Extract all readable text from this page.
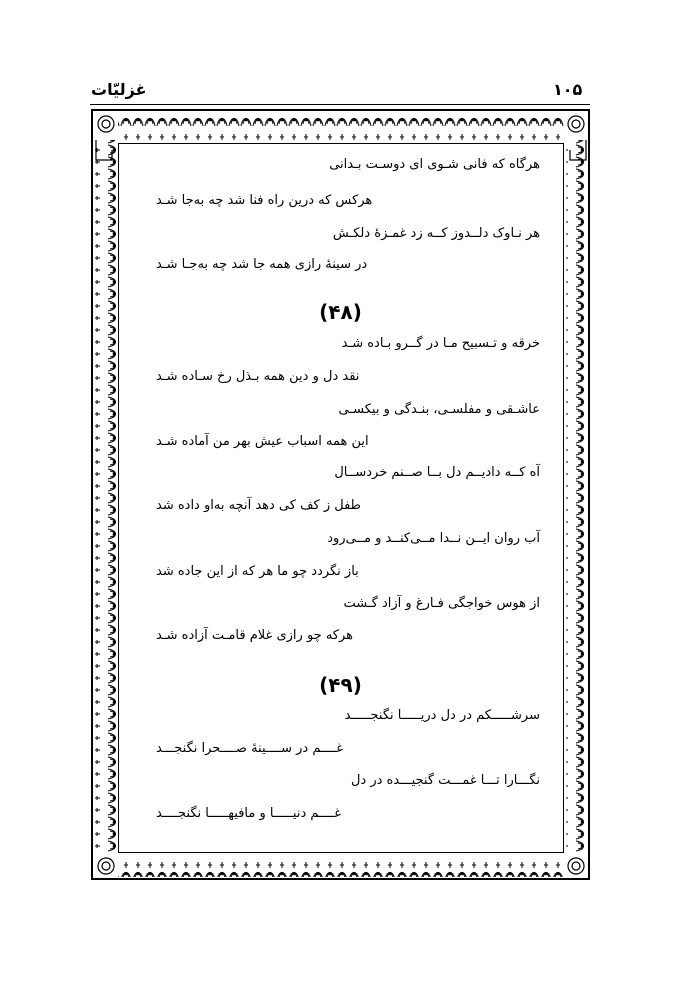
۱۰۵
غزلیّات
هرگاه که فانی شـوی ای دوسـت بـدانی
هرکس که درین راه فنا شد چه به‌جا شـد
هر نـاوک دلــدوز کــه زد غمـزهٔ دلکـش
در سینهٔ رازی همه جا شد چه به‌جـا شـد
(۴۸)
خرقه و تـسبیح مـا در گــرو بـاده شـد
نقد دل و دین همه بـذل رخ سـاده شـد
عاشـقی و مفلسـی، بنـدگی و بیکسـی
این همه اسباب عیش بهر من آماده شـد
آه کــه دادیــم دل بــا صــنم خردســال
طفل ز کف کی دهد آنچه به‌او داده شد
آب روان ایــن نــدا مــی‌کنــد و مــی‌رود
باز نگردد چو ما هر که از این جاده شد
از هوس خواجگی فـارغ و آزاد گـشت
هرکه چو رازی غلام قامـت آزاده شـد
(۴۹)
سرشـــــکم در دل دریـــــا نگنجـــــد
غــــم در ســــینهٔ صــــحرا نگنجـــد
نگـــارا تـــا غمـــت گنجیـــده در دل
غــــم دنیـــــا و مافیهـــــا نگنجــــد
